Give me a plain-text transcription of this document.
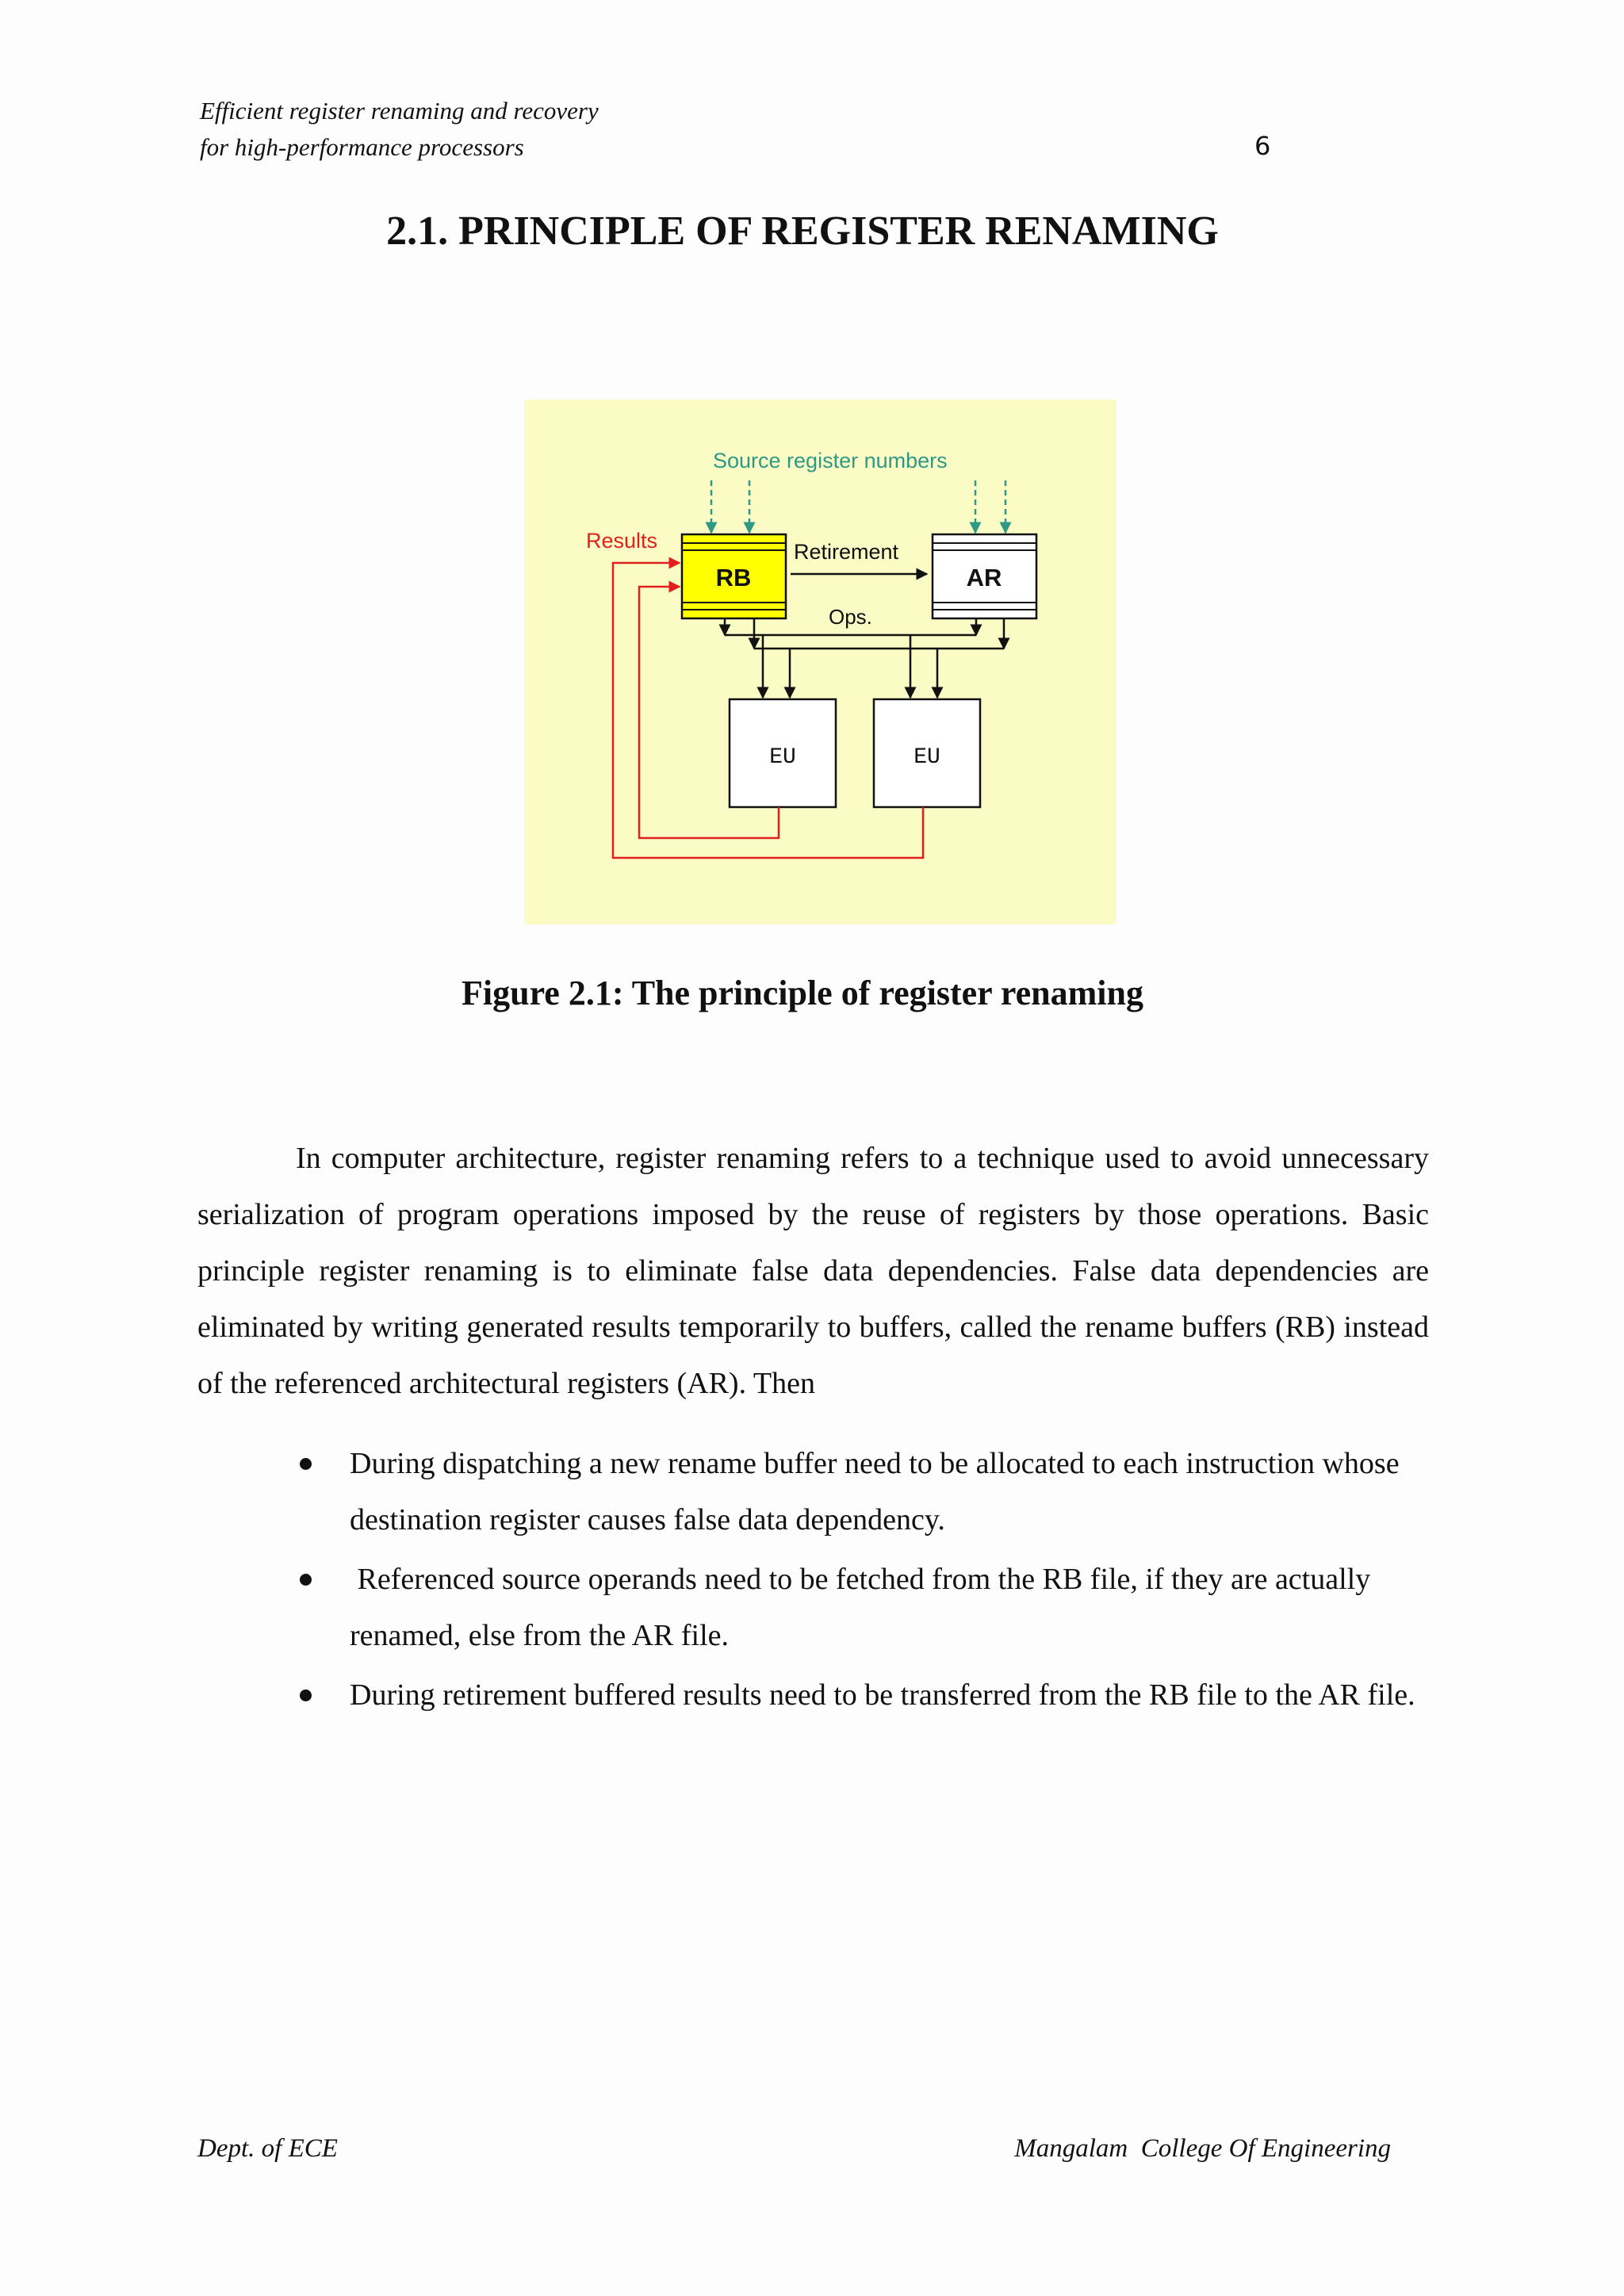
Efficient register renaming and recovery
for high-performance processors	6
2.1. PRINCIPLE OF REGISTER RENAMING
Source register numbers
Results
RB	AR
Retirement
Ops.
EU	EU
Figure 2.1: The principle of register renaming

In computer architecture, register renaming refers to a technique used to avoid unnecessary serialization of program operations imposed by the reuse of registers by those operations. Basic principle register renaming is to eliminate false data dependencies. False data dependencies are eliminated by writing generated results temporarily to buffers, called the rename buffers (RB) instead of the referenced architectural registers (AR). Then

During dispatching a new rename buffer need to be allocated to each instruction whose destination register causes false data dependency.
Referenced source operands need to be fetched from the RB file, if they are actually renamed, else from the AR file.
During retirement buffered results need to be transferred from the RB file to the AR file.
Dept. of ECE	Mangalam  College Of Engineering
